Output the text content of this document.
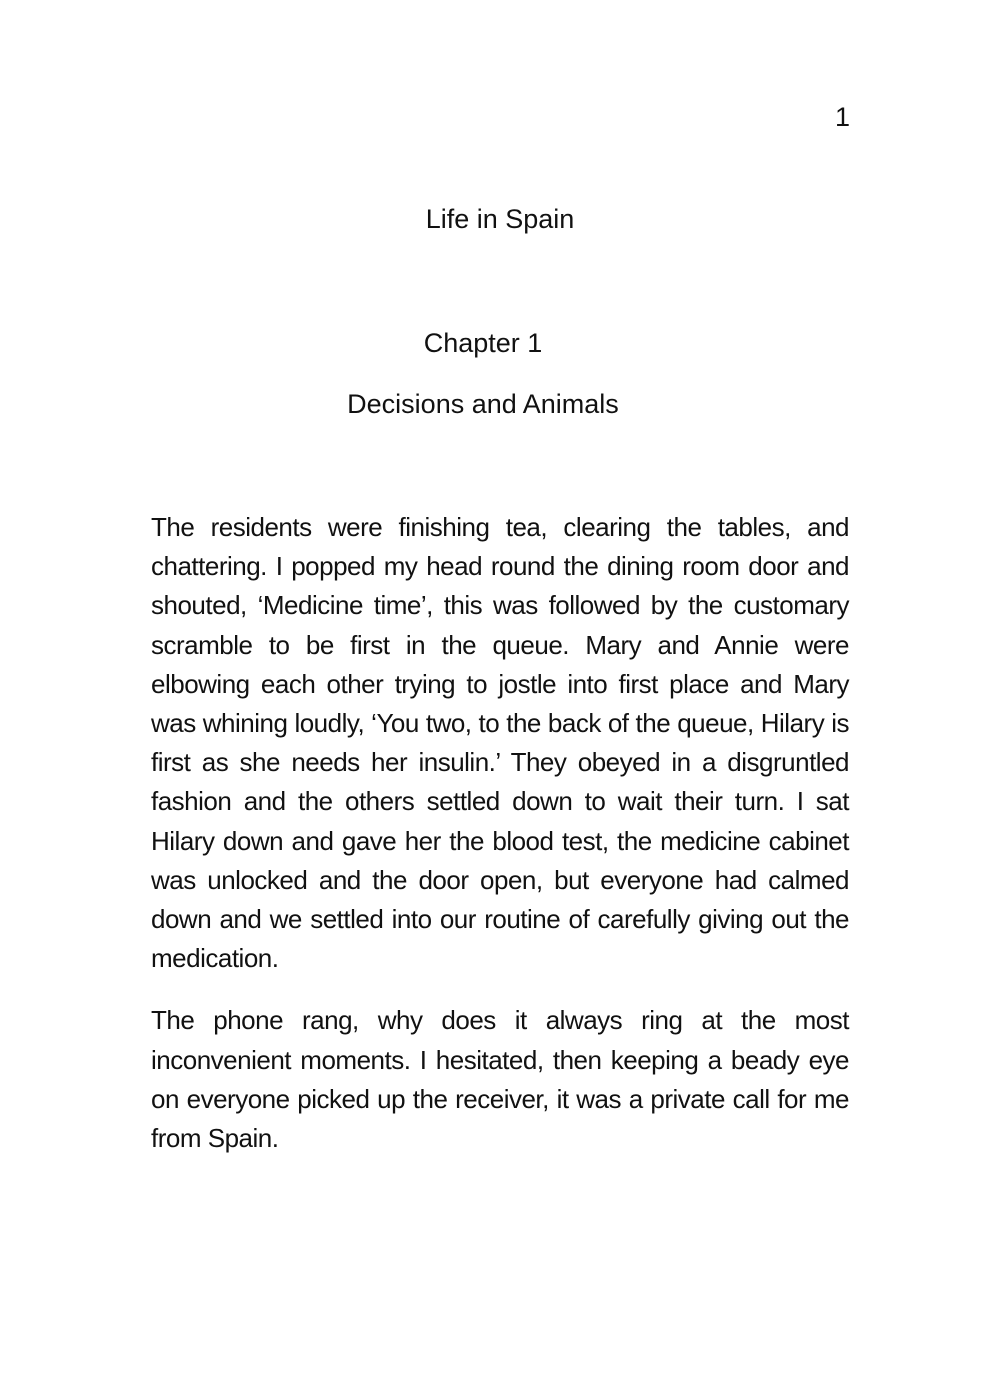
1
Life in Spain
Chapter 1
Decisions and Animals

The residents were finishing tea, clearing the tables, and chattering. I popped my head round the dining room door and shouted, ‘Medicine time’, this was followed by the customary scramble to be first in the queue. Mary and Annie were elbowing each other trying to jostle into first place and Mary was whining loudly, ‘You two, to the back of the queue, Hilary is first as she needs her insulin.’ They obeyed in a disgruntled fashion and the others settled down to wait their turn. I sat Hilary down and gave her the blood test, the medicine cabinet was unlocked and the door open, but everyone had calmed down and we settled into our routine of carefully giving out the medication.

The phone rang, why does it always ring at the most inconvenient moments. I hesitated, then keeping a beady eye on everyone picked up the receiver, it was a private call for me from Spain.
